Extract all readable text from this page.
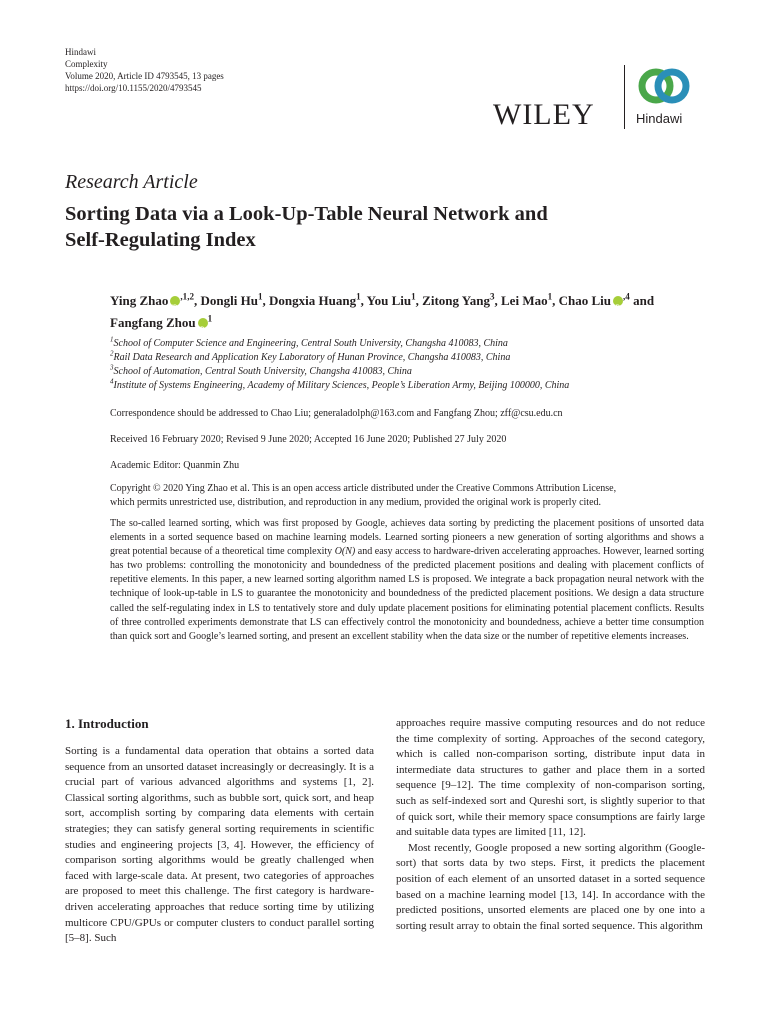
Hindawi
Complexity
Volume 2020, Article ID 4793545, 13 pages
https://doi.org/10.1155/2020/4793545
WILEY	Hindawi
Research Article
Sorting Data via a Look-Up-Table Neural Network and
Self-Regulating Index
Ying Zhao iD $^{,1,2}$, Dongli Hu$^1$, Dongxia Huang$^1$, You Liu$^1$, Zitong Yang$^3$, Lei Mao$^1$, Chao Liu iD $^{,4}$ and Fangfang Zhou iD $^1$
$^1$School of Computer Science and Engineering, Central South University, Changsha 410083, China
$^2$Rail Data Research and Application Key Laboratory of Hunan Province, Changsha 410083, China
$^3$School of Automation, Central South University, Changsha 410083, China
$^4$Institute of Systems Engineering, Academy of Military Sciences, People’s Liberation Army, Beijing 100000, China
Correspondence should be addressed to Chao Liu; generaladolph@163.com and Fangfang Zhou; zff@csu.edu.cn
Received 16 February 2020; Revised 9 June 2020; Accepted 16 June 2020; Published 27 July 2020
Academic Editor: Quanmin Zhu
Copyright © 2020 Ying Zhao et al. This is an open access article distributed under the Creative Commons Attribution License,
which permits unrestricted use, distribution, and reproduction in any medium, provided the original work is properly cited.
The so-called learned sorting, which was first proposed by Google, achieves data sorting by predicting the placement positions of unsorted data elements in a sorted sequence based on machine learning models. Learned sorting pioneers a new generation of sorting algorithms and shows a great potential because of a theoretical time complexity O(N) and easy access to hardware-driven accelerating approaches. However, learned sorting has two problems: controlling the monotonicity and boundedness of the predicted placement positions and dealing with placement conflicts of repetitive elements. In this paper, a new learned sorting algorithm named LS is proposed. We integrate a back propagation neural network with the technique of look-up-table in LS to guarantee the monotonicity and boundedness of the predicted placement positions. We design a data structure called the self-regulating index in LS to tentatively store and duly update placement positions for eliminating potential placement conflicts. Results of three controlled experiments demonstrate that LS can effectively control the monotonicity and boundedness, achieve a better time consumption than quick sort and Google’s learned sorting, and present an excellent stability when the data size or the number of repetitive elements increases.
1. Introduction

Sorting is a fundamental data operation that obtains a sorted data sequence from an unsorted dataset increasingly or decreasingly. It is a crucial part of various advanced algorithms and systems [1, 2]. Classical sorting algorithms, such as bubble sort, quick sort, and heap sort, accomplish sorting by comparing data elements with certain strategies; they can satisfy general sorting requirements in scientific studies and engineering projects [3, 4]. However, the efficiency of comparison sorting algorithms would be greatly challenged when faced with large-scale data. At present, two categories of approaches are proposed to meet this challenge. The first category is hardware-driven accelerating approaches that reduce sorting time by utilizing multicore CPU/GPUs or computer clusters to conduct parallel sorting [5–8]. Such

approaches require massive computing resources and do not reduce the time complexity of sorting. Approaches of the second category, which is called non-comparison sorting, distribute input data in intermediate data structures to gather and place them in a sorted sequence [9–12]. The time complexity of non-comparison sorting, such as self-indexed sort and Qureshi sort, is slightly superior to that of quick sort, while their memory space consumptions are fairly large and suitable data types are limited [11, 12].

Most recently, Google proposed a new sorting algorithm (Google-sort) that sorts data by two steps. First, it predicts the placement position of each element of an unsorted dataset in a sorted sequence based on a machine learning model [13, 14]. In accordance with the predicted positions, unsorted elements are placed one by one into a sorting result array to obtain the final sorted sequence. This algorithm
